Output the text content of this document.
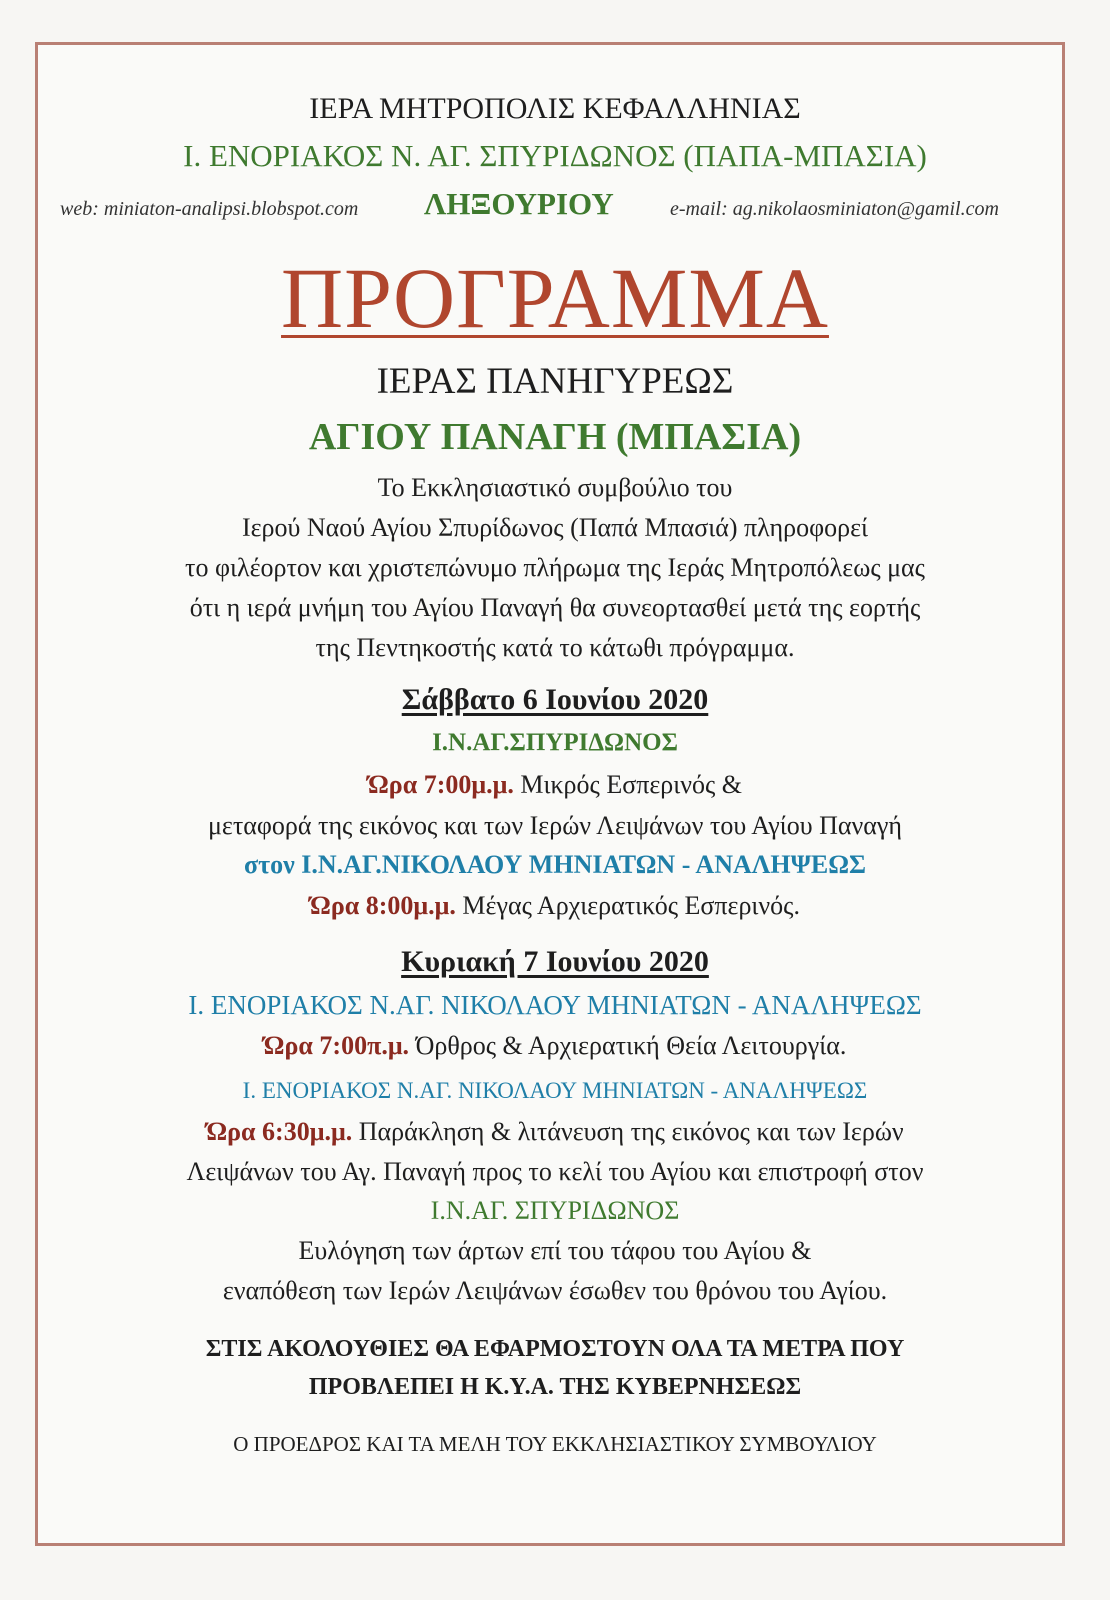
ΙΕΡΑ ΜΗΤΡΟΠΟΛΙΣ ΚΕΦΑΛΛΗΝΙΑΣ
Ι. ΕΝΟΡΙΑΚΟΣ Ν. ΑΓ. ΣΠΥΡΙΔΩΝΟΣ (ΠΑΠΑ-ΜΠΑΣΙΑ)
web: miniaton-analipsi.blobspot.com ΛΗΞΟΥΡΙΟΥ	e-mail: ag.nikolaosminiaton@gamil.com
ΠΡΟΓΡΑΜΜΑ
ΙΕΡΑΣ ΠΑΝΗΓΥΡΕΩΣ
ΑΓΙΟΥ ΠΑΝΑΓΗ (ΜΠΑΣΙΑ)
Το Εκκλησιαστικό συμβούλιο του
Ιερού Ναού Αγίου Σπυρίδωνος (Παπά Μπασιά) πληροφορεί
το φιλέορτον και χριστεπώνυμο πλήρωμα της Ιεράς Μητροπόλεως μας
ότι η ιερά μνήμη του Αγίου Παναγή θα συνεορτασθεί μετά της εορτής
της Πεντηκοστής κατά το κάτωθι πρόγραμμα.
Σάββατο 6 Ιουνίου 2020
Ι.Ν.ΑΓ.ΣΠΥΡΙΔΩΝΟΣ
Ώρα 7:00μ.μ. Μικρός Εσπερινός &
μεταφορά της εικόνος και των Ιερών Λειψάνων του Αγίου Παναγή
στον Ι.Ν.ΑΓ.ΝΙΚΟΛΑΟΥ ΜΗΝΙΑΤΩΝ - ΑΝΑΛΗΨΕΩΣ
Ώρα 8:00μ.μ. Μέγας Αρχιερατικός Εσπερινός.
Κυριακή 7 Ιουνίου 2020
Ι. ΕΝΟΡΙΑΚΟΣ Ν.ΑΓ. ΝΙΚΟΛΑΟΥ ΜΗΝΙΑΤΩΝ - ΑΝΑΛΗΨΕΩΣ
Ώρα 7:00π.μ. Όρθρος & Αρχιερατική Θεία Λειτουργία.
Ι. ΕΝΟΡΙΑΚΟΣ Ν.ΑΓ. ΝΙΚΟΛΑΟΥ ΜΗΝΙΑΤΩΝ - ΑΝΑΛΗΨΕΩΣ
Ώρα 6:30μ.μ. Παράκληση & λιτάνευση της εικόνος και των Ιερών
Λειψάνων του Αγ. Παναγή προς το κελί του Αγίου και επιστροφή στον
Ι.Ν.ΑΓ. ΣΠΥΡΙΔΩΝΟΣ
Ευλόγηση των άρτων επί του τάφου του Αγίου &
εναπόθεση των Ιερών Λειψάνων έσωθεν του θρόνου του Αγίου.
ΣΤΙΣ ΑΚΟΛΟΥΘΙΕΣ ΘΑ ΕΦΑΡΜΟΣΤΟΥΝ ΟΛΑ ΤΑ ΜΕΤΡΑ ΠΟΥ
ΠΡΟΒΛΕΠΕΙ Η Κ.Υ.Α. ΤΗΣ ΚΥΒΕΡΝΗΣΕΩΣ
Ο ΠΡΟΕΔΡΟΣ ΚΑΙ ΤΑ ΜΕΛΗ ΤΟΥ ΕΚΚΛΗΣΙΑΣΤΙΚΟΥ ΣΥΜΒΟΥΛΙΟΥ
